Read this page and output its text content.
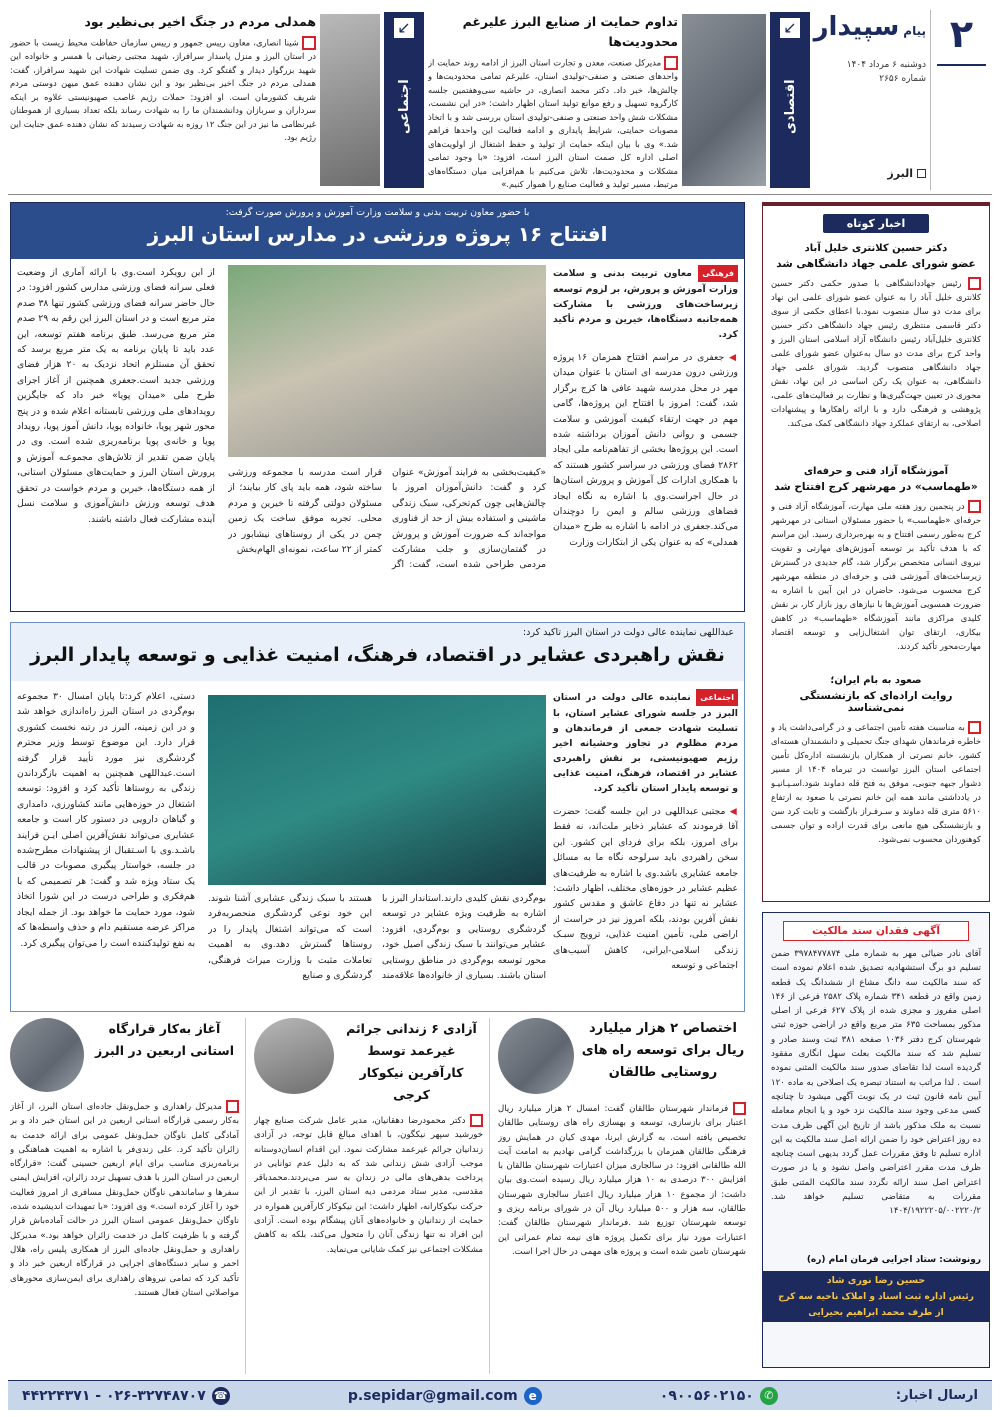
۲
پیام
سپیدار
دوشنبه ۶ مرداد ۱۴۰۴
شماره ۲۶۵۶
البرز
↙
اقتصادی
تداوم حمایت از صنایع البرز علیرغم محدودیت‌ها
مدیرکل صنعت، معدن و تجارت استان البرز از ادامه روند حمایت از واحدهای صنعتی و صنفی-تولیدی استان، علیرغم تمامی محدودیت‌ها و چالش‌ها، خبر داد. دکتر محمد انصاری، در حاشیه سی‌وهفتمین جلسه کارگروه تسهیل و رفع موانع تولید استان اظهار داشت: «در این نشست، مشکلات شش واحد صنعتی و صنفی-تولیدی استان بررسی شد و با اتخاذ مصوبات حمایتی، شرایط پایداری و ادامه فعالیت این واحدها فراهم شد.» وی با بیان اینکه حمایت از تولید و حفظ اشتغال از اولویت‌های اصلی اداره کل صمت استان البرز است، افزود: «با وجود تمامی مشکلات و محدودیت‌ها، تلاش می‌کنیم با هم‌افزایی میان دستگاه‌های مرتبط، مسیر تولید و فعالیت صنایع را هموار کنیم.»
↙
اجتماعی
همدلی مردم در جنگ اخیر بی‌نظیر بود
شینا انصاری، معاون رییس جمهور و رییس سازمان حفاظت محیط زیست با حضور در استان البرز و منزل پاسدار سرافراز، شهید مجتبی رضیانی با همسر و خانواده این شهید بزرگوار دیدار و گفتگو کرد. وی ضمن تسلیت شهادت این شهید سرافراز، گفت: همدلی مردم در جنگ اخیر بی‌نظیر بود و این نشان دهنده عمق میهن دوستی مردم شریف کشورمان است. او افزود: حملات رژیم غاصب صهیونیستی علاوه بر اینکه سرداران و سربازان ودانشمندان ما را به شهادت رساند بلکه تعداد بسیاری از هموطنان غیرنظامی ما نیز در این جنگ ۱۲ روزه به شهادت رسیدند که نشان دهنده عمق جنایت این رژیم بود.
با حضور معاون تربیت بدنی و سلامت وزارت آموزش و پرورش صورت گرفت:
افتتاح ۱۶ پروژه ورزشی در مدارس استان البرز
فرهنگی معاون تربیت بدنی و سلامت وزارت آموزش و پرورش، بر لزوم توسعه زیرساخت‌های ورزشی با مشارکت همه‌جانبه دستگاه‌ها، خیرین و مردم تأکید کرد.
◀ جعفری در مراسم افتتاح همزمان ۱۶ پروژه ورزشی درون مدرسه ای استان با عنوان میدان مهر در محل مدرسه شهید عافی ها کرج برگزار شد، گفت: امروز با افتتاح این پروژه‌ها، گامی مهم در جهت ارتقاء کیفیت آموزشی و سلامت جسمی و روانی دانش آموزان برداشته شده است. این پروژه‌ها بخشی از تفاهم‌نامه ملی ایجاد ۲۸۶۲ فضای ورزشی در سراسر کشور هستند که با همکاری ادارات کل آموزش و پرورش استان‌ها در حال اجراست.وی با اشاره به نگاه ایجاد فضاهای ورزشی سالم و ایمن را دوچندان می‌کند.جعفری در ادامه با اشاره به طرح «میدان همدلی» که به عنوان یکی از ابتکارات وزارت
«کیفیت‌بخشی به فرایند آموزش» عنوان کرد و گفت: دانش‌آموزان امروز با چالش‌هایی چون کم‌تحرکی، سبک زندگی ماشینی و استفاده بیش از حد از فناوری مواجه‌اند کـه ضرورت آموزش و پرورش در گفتمان‌سازی و جلب مشارکت مردمی طراحی شده است، گفت: اگر قرار است مدرسه با مجموعه ورزشی ساخته شود، همه باید پای کار بیایند؛ از مسئولان دولتی گرفته تا خیرین و مردم محلی. تجربه موفق ساخت یک زمین چمن در یکی از روستاهای نیشابور در کمتر از ۲۲ ساعت، نمونه‌ای الهام‌بخش
از این رویکرد است.وی با ارائه آماری از وضعیت فعلی سرانه فضای ورزشی مدارس کشور افزود: در حال حاضر سرانه فضای ورزشی کشور تنها ۳۸ صدم متر مربع است و در استان البرز این رقم به ۲۹ صدم متر مربع می‌رسد. طبق برنامه هفتم توسعه، این عدد باید تا پایان برنامه به یک متر مربع برسد که تحقق آن مستلزم اتحاد نزدیک به ۲۰ هزار فضای ورزشی جدید است.جعفری همچنین از آغاز اجرای طرح ملی «میدان پویا» خبر داد که جایگزین رویدادهای ملی ورزشی تابستانه اعلام شده و در پنج محور شهر پویا، خانواده پویا، دانش آموز پویا، رویداد پویا و خانه‌ی پویا برنامه‌ریزی شده است. وی در پایان ضمن تقدیر از تلاش‌های مجموعـه آموزش و پرورش استان البرز و حمایت‌های مسئولان استانی، از همه دستگاه‌ها، خیرین و مردم خواست در تحقق هدف توسعه ورزش دانش‌آموزی و سلامت نسل آینده مشارکت فعال داشته باشند.
اخبار کوتاه
دکتر حسین کلانتری خلیل آباد
عضو شورای علمی جهاد دانشگاهی شد
رئیس جهاددانشگاهی با صدور حکمی دکتر حسین کلانتری خلیل آباد را به عنوان عضو شورای علمی این نهاد برای مدت دو سال منصوب نمود.با اعطای حکمی از سوی دکتر قاسمی منتظری رئیس جهاد دانشگاهی دکتر حسین کلانتری خلیل‌آباد رئیس دانشگاه آزاد اسلامی استان البرز و واحد کرج برای مدت دو سال به‌عنوان عضو شورای علمی جهاد دانشگاهی منصوب گردید. شورای علمی جهاد دانشگاهی، به عنوان یک رکن اساسی در این نهاد، نقش محوری در تعیین جهت‌گیری‌ها و نظارت بر فعالیت‌های علمی، پژوهشی و فرهنگی دارد و با ارائه راهکارها و پیشنهادات اصلاحی، به ارتقای عملکرد جهاد دانشگاهی کمک می‌کند.
آموزشگاه آزاد فنی و حرفه‌ای
«طهماسب» در مهرشهر کرج افتتاح شد
در پنجمین روز هفته ملی مهارت، آموزشگاه آزاد فنی و حرفه‌ای «طهماسب» با حضور مسئولان استانی در مهرشهر کرج به‌طور رسمی افتتاح و به بهره‌برداری رسید. این مراسم که با هدف تأکید بر توسعه آموزش‌های مهارتی و تقویت نیروی انسانی متخصص برگزار شد، گام جدیدی در گسترش زیرساخت‌های آموزشی فنی و حرفه‌ای در منطقه مهرشهر کرج محسوب می‌شود. حاضران در این آیین با اشاره به ضرورت همسویی آموزش‌ها با نیازهای روز بازار کار، بر نقش کلیدی مراکزی مانند آموزشگاه «طهماسب» در کاهش بیکاری، ارتقای توان اشتغال‌زایی و توسعه اقتصاد مهارت‌محور تأکید کردند.
صعود به بام ایران؛
روایت اراده‌ای که بازنشستگی نمی‌شناسد
به مناسبت هفته تأمین اجتماعی و در گرامی‌داشت یاد و خاطره فرماندهان شهدای جنگ تحمیلی و دانشمندان هسته‌ای کشور، خانم نصرتی از همکاران بازنشسته اداره‌کل تأمین اجتماعی استان البرز توانست در تیرماه ۱۴۰۴ از مسیر دشوار جبهه جنوبی، موفق به فتح قله دماوند شود.اسـپـانیـو در یادداشتی مانند همه این خانم نصرتی با صعود به ارتفاع ۵۶۱۰ متری قله دماوند و سـرفـراز بازگشت و ثابت کرد سن و بازنشستگی هیچ مانعی برای قدرت اراده و توان جسمی کوهنوردان محسوب نمی‌شود.
عبداللهی نماینده عالی دولت در استان البرز تاکید کرد:
نقش راهبردی عشایر در اقتصاد، فرهنگ، امنیت غذایی و توسعه پایدار البرز
اجتماعی نماینده عالی دولت در استان البرز در جلسه شورای عشایر استان، با تسلیت شهادت جمعی از فرماندهان و مردم مظلوم در تجاوز وحشیانه اخیر رژیم صهیونیستی، بر نقش راهبردی عشایر در اقتصاد، فرهنگ، امنیت غذایی و توسعه پایدار استان تأکید کرد.
◀ مجتبی عبداللهی در این جلسه گفت: حضرت آقا فرمودند که عشایر ذخایر ملت‌اند، نه فقط برای امروز، بلکه برای فردای این کشور. این سخن راهبردی باید سرلوحه نگاه ما به مسائل جامعه عشایری باشد.وی با اشاره به ظرفیت‌های عظیم عشایر در حوزه‌های مختلف، اظهار داشت: عشایر نه تنها در دفاع عاشق و مقدس کشور نقش آفرین بودند، بلکه امروز نیز در حراست از اراضی ملی، تأمین امنیت غذایی، ترویج سبـک زندگی اسلامی-ایرانی، کاهش آسیب‌های اجتماعی و توسعه
بوم‌گردی نقش کلیدی دارند.استاندار البرز با اشاره به ظرفیت ویژه عشایر در توسعه گردشگری روستایی و بوم‌گردی، افزود: عشایر می‌توانند با سبک زندگی اصیل خود، محور توسعه بوم‌گردی در مناطق روستایی استان باشند. بسیاری از خانواده‌ها علاقه‌مند هستند با سبک زندگی عشایری آشنا شوند. این خود نوعی گردشگری منحصربه‌فرد است که می‌تواند اشتغال پایدار را در روستاها گسترش دهد.وی به اهمیت تعاملات مثبت با وزارت میراث فرهنگی، گردشگری و صنایع
دستی، اعلام کرد:تا پایان امسال ۳۰ مجموعه بوم‌گردی در استان البرز راه‌اندازی خواهد شد و در این زمینه، البرز در رتبه نخست کشوری قرار دارد. این موضوع توسط وزیر محترم گردشگری نیز مورد تأیید قرار گرفته است.عبداللهی همچنین به اهمیت بازگرداندن زندگی به روستاها تأکید کرد و افزود: توسعه اشتغال در حوزه‌هایی مانند کشاورزی، دامداری و گیاهان دارویی در دستور کار است و جامعه عشایری می‌تواند نقش‌آفرین اصلی ایـن فرایند باشـد.وی با اسـتقبال از پیشنهادات مطرح‌شده در جلسه، خواستار پیگیری مصوبات در قالب یک ستاد ویژه شد و گفت: هر تصمیمی که با هم‌فکری و طراحی درست در این شورا اتخاذ شود، مورد حمایت ما خواهد بود. از جمله ایجاد مراکز عرضه مستقیم دام و حذف واسطه‌ها که به نفع تولیدکننده است را می‌توان پیگیری کرد.
آگهی فقدان سند مالکیت
آقای نادر ضیائی مهر به شماره ملی ۳۹۷۸۴۷۷۸۷۴ ضمن تسلیم دو برگ استشهادیه تصدیق شده اعلام نموده است که سند مالکیت سه دانگ مشاع از ششدانگ یک قطعه زمین واقع در قطعه ۳۴۱ شماره پلاک ۲۵۸۲ فرعی از ۱۴۶ اصلی مفروز و مجزی شده از پلاک ۶۲۷ فرعی از اصلی مذکور بمساحت ۶۳۵ متر مربع واقع در اراضی حوزه ثبتی شهرستان کرج دفتر ۱۰۳۶ صفحه ۳۸۱ ثبت وسند صادر و تسلیم شد که سند مالکیت بعلت سهل انگاری مفقود گردیده است لذا تقاضای صدور سند مالکیت المثنی نموده است . لذا مراتب به استناد تبصره یک اصلاحی به ماده ۱۲۰ آیین نامه قانون ثبت در یک نوبت آگهی میشود تا چنانچه کسی مدعی وجود سند مالکیت نزد خود و یا انجام معامله نسبت به ملک مذکور باشد از تاریخ این آگهی ظرف مدت ده روز اعتراض خود را ضمن ارائه اصل سند مالکیت به این اداره تسلیم تا وفق مقررات عمل گردد بدیهی است چنانچه ظرف مدت مقرر اعتراضی واصل نشود و یا در صورت اعتراض اصل سند ارائه نگردد سند مالکیت المثنی طبق مقررات به متقاضی تسلیم خواهد شد. ۱۴۰۴/۱۹۲۲۲۰۵/۰۰۲۲۲۰/۲
رونوشت: ستاد اجرایی فرمان امام (ره)
حسین رضا نوری شاد
رئیس اداره ثبت اسناد و املاک ناحیه سه کرج
از طرف محمد ابراهیم بحیرایی
اختصاص ۲ هزار میلیارد ریال برای توسعه راه های روستایی طالقان
فرماندار شهرستان طالقان گفت: امسال ۲ هزار میلیارد ریال اعتبار برای بازسازی، توسعه و بهسازی راه های روستایی طالقان تخصیص یافته است. به گزارش ایرنا، مهدی کیان در همایش روز فرهنگی طالقان همزمان با بزرگداشت گرامی نهادیم به امامت آیت الله طالقانی افزود: در سالجاری میزان اعتبارات شهرستان طالقان با افزایش ۳۰۰ درصدی به ۱۰ هزار میلیارد ریال رسیده است.وی بیان داشت: از مجموع ۱۰ هزار میلیارد ریال اعتبار سالجاری شهرستان طالقان، سه هزار و ۵۰۰ میلیارد ریال آن در شورای برنامه ریزی و توسعه شهرستان توزیع شد .فرماندار شهرستان طالقان گفت: اعتبارات مورد نیاز برای تکمیل پروژه های نیمه تمام عمرانی این شهرستان تامین شده است و پروژه های مهمی در حال اجرا است.
آزادی ۶ زندانی جرائم غیرعمد توسط کارآفرین نیکوکار کرجی
دکتر محمودرضا دهقانیان، مدیر عامل شرکت صنایع چهار خورشید سپهر نیکگون، با اهدای مبالغ قابل توجه، در آزادی زندانیان جرائم غیرعمد مشارکت نمود. این اقدام انسان‌دوستانه موجب آزادی شش زندانی شد که به دلیل عدم توانایی در پرداخت بدهی‌های مالی در زندان به سر می‌بردند.محمدباقر مقدسی، مدیر ستاد مردمی دیه استان البرز، با تقدیر از این حرکت نیکوکارانه، اظهار داشت: این نیکوکار کارآفرین همواره در حمایت از زندانیان و خانواده‌های آنان پیشگام بوده است. آزادی این افراد نه تنها زندگی آنان را متحول می‌کند، بلکه به کاهش مشکلات اجتماعی نیز کمک شایانی می‌نماید.
آغاز به‌کار قرارگاه استانی اربعین در البرز
مدیرکل راهداری و حمل‌ونقل جاده‌ای استان البرز، از آغاز به‌کار رسمی قرارگاه استانی اربعین در این استان خبر داد و بر آمادگی کامل ناوگان حمل‌ونقل عمومی برای ارائه خدمت به زائران تأکید کرد. علی زندی‌فر با اشاره به اهمیت هماهنگی و برنامه‌ریزی مناسب برای ایام اربعین حسینی گفت: «قرارگاه اربعین در استان البرز با هدف تسهیل تردد زائران، افزایش ایمنی سفرها و ساماندهی ناوگان حمل‌ونقل مسافری از امروز فعالیت خود را آغاز کرده است.» وی افزود: «با تمهیدات اندیشیده شده، ناوگان حمل‌ونقل عمومی استان البرز در حالت آماده‌باش قرار گرفته و با ظرفیت کامل در خدمت زائران خواهد بود.» مدیرکل راهداری و حمل‌ونقل جاده‌ای البرز از همکاری پلیس راه، هلال احمر و سایر دستگاه‌های اجرایی در قرارگاه اربعین خبر داد و تأکید کرد که تمامی نیروهای راهداری برای ایمن‌سازی محورهای مواصلاتی استان فعال هستند.
ارسال اخبار:
✆
۰۹۰۰۵۶۰۲۱۵۰
e
p.sepidar@gmail.com
☎
۰۲۶-۳۲۷۴۸۷۰۷ - ۴۴۲۲۴۳۷۱
